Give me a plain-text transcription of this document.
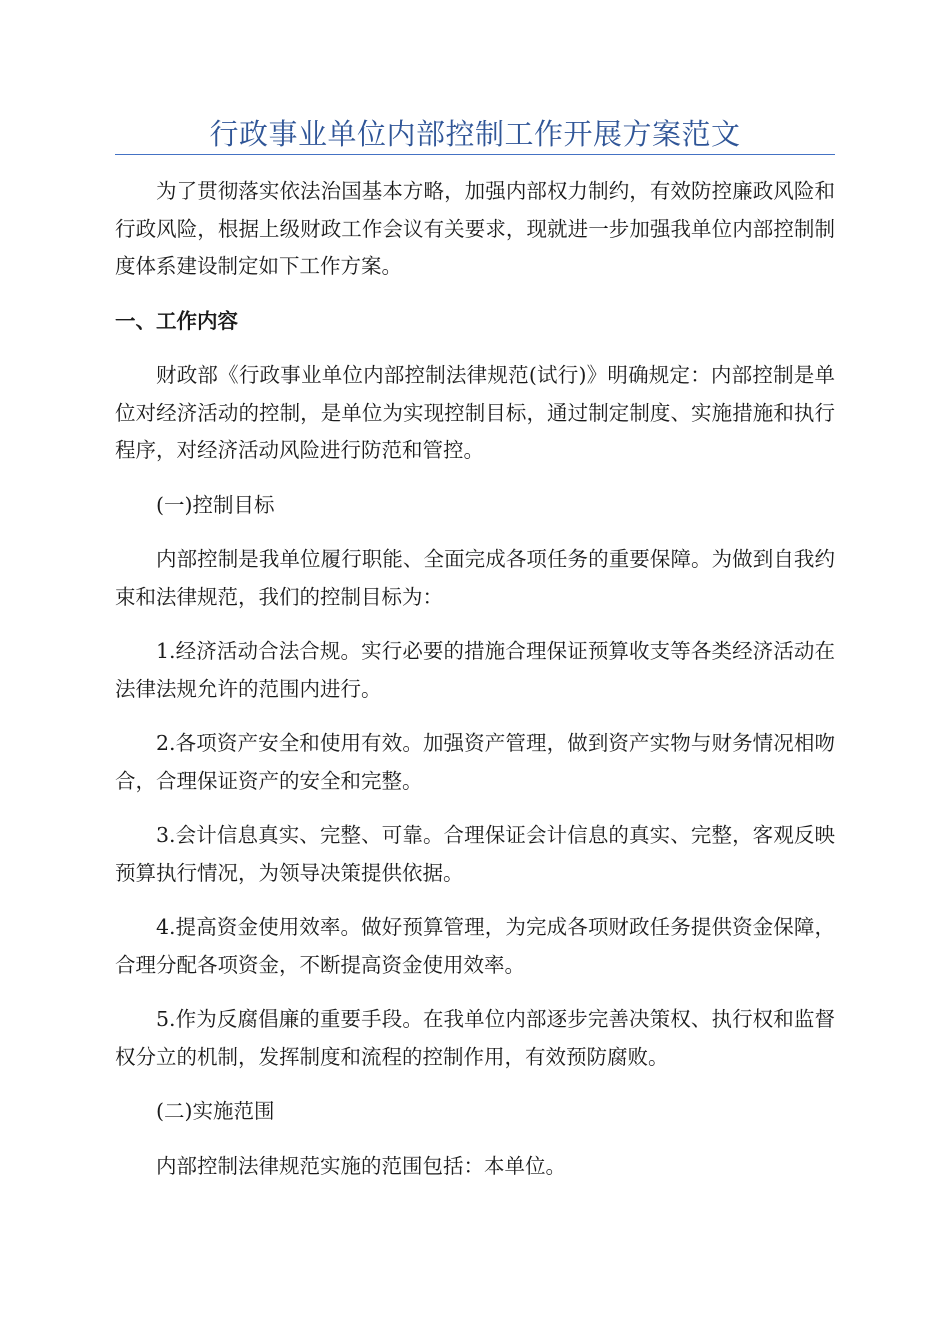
行政事业单位内部控制工作开展方案范文

为了贯彻落实依法治国基本方略，加强内部权力制约，有效防控廉政风险和行政风险，根据上级财政工作会议有关要求，现就进一步加强我单位内部控制制度体系建设制定如下工作方案。

一、工作内容

财政部《行政事业单位内部控制法律规范(试行)》明确规定：内部控制是单位对经济活动的控制，是单位为实现控制目标，通过制定制度、实施措施和执行程序，对经济活动风险进行防范和管控。

(一)控制目标

内部控制是我单位履行职能、全面完成各项任务的重要保障。为做到自我约束和法律规范，我们的控制目标为：

1.经济活动合法合规。实行必要的措施合理保证预算收支等各类经济活动在法律法规允许的范围内进行。

2.各项资产安全和使用有效。加强资产管理，做到资产实物与财务情况相吻合，合理保证资产的安全和完整。

3.会计信息真实、完整、可靠。合理保证会计信息的真实、完整，客观反映预算执行情况，为领导决策提供依据。

4.提高资金使用效率。做好预算管理，为完成各项财政任务提供资金保障，合理分配各项资金，不断提高资金使用效率。

5.作为反腐倡廉的重要手段。在我单位内部逐步完善决策权、执行权和监督权分立的机制，发挥制度和流程的控制作用，有效预防腐败。

(二)实施范围

内部控制法律规范实施的范围包括：本单位。
